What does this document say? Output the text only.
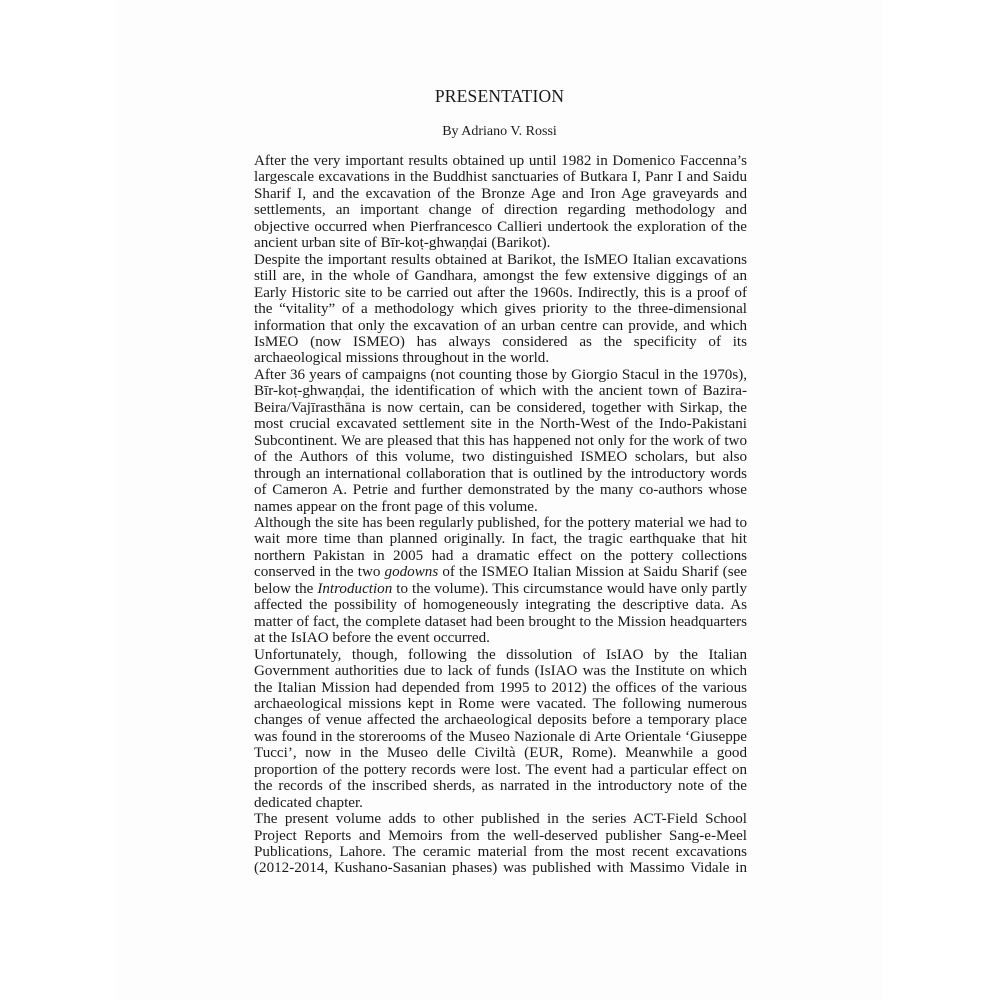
PRESENTATION
By Adriano V. Rossi

After the very important results obtained up until 1982 in Domenico Faccenna’s largescale excavations in the Buddhist sanctuaries of Butkara I, Panr I and Saidu Sharif I, and the excavation of the Bronze Age and Iron Age graveyards and settlements, an important change of direction regarding methodology and objective occurred when Pierfrancesco Callieri undertook the exploration of the ancient urban site of Bīr-koṭ-ghwaṇḍai (Barikot).

Despite the important results obtained at Barikot, the IsMEO Italian excavations still are, in the whole of Gandhara, amongst the few extensive diggings of an Early Historic site to be carried out after the 1960s. Indirectly, this is a proof of the “vitality” of a methodology which gives priority to the three-dimensional information that only the excavation of an urban centre can provide, and which IsMEO (now ISMEO) has always considered as the specificity of its archaeological missions throughout in the world.

After 36 years of campaigns (not counting those by Giorgio Stacul in the 1970s), Bīr-koṭ-ghwaṇḍai, the identification of which with the ancient town of Bazira-Beira/Vajīrasthāna is now certain, can be considered, together with Sirkap, the most crucial excavated settlement site in the North-West of the Indo-Pakistani Subcontinent. We are pleased that this has happened not only for the work of two of the Authors of this volume, two distinguished ISMEO scholars, but also through an international collaboration that is outlined by the introductory words of Cameron A. Petrie and further demonstrated by the many co-authors whose names appear on the front page of this volume.

Although the site has been regularly published, for the pottery material we had to wait more time than planned originally. In fact, the tragic earthquake that hit northern Pakistan in 2005 had a dramatic effect on the pottery collections conserved in the two godowns of the ISMEO Italian Mission at Saidu Sharif (see below the Introduction to the volume). This circumstance would have only partly affected the possibility of homogeneously integrating the descriptive data. As matter of fact, the complete dataset had been brought to the Mission headquarters at the IsIAO before the event occurred.

Unfortunately, though, following the dissolution of IsIAO by the Italian Government authorities due to lack of funds (IsIAO was the Institute on which the Italian Mission had depended from 1995 to 2012) the offices of the various archaeological missions kept in Rome were vacated. The following numerous changes of venue affected the archaeological deposits before a temporary place was found in the storerooms of the Museo Nazionale di Arte Orientale ‘Giuseppe Tucci’, now in the Museo delle Civiltà (EUR, Rome). Meanwhile a good proportion of the pottery records were lost. The event had a particular effect on the records of the inscribed sherds, as narrated in the introductory note of the dedicated chapter.

The present volume adds to other published in the series ACT-Field School Project Reports and Memoirs from the well-deserved publisher Sang-e-Meel Publications, Lahore. The ceramic material from the most recent excavations (2012-2014, Kushano-Sasanian phases) was published with Massimo Vidale in
